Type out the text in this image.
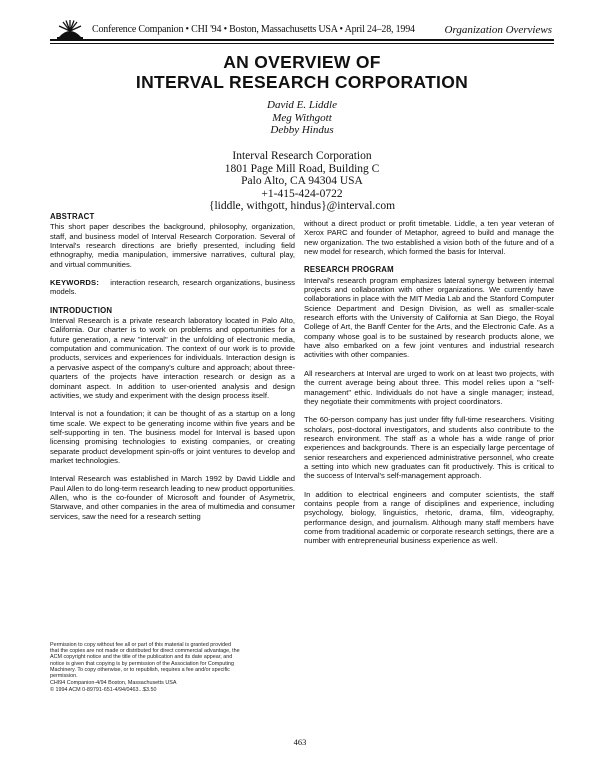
Conference Companion • CHI '94 • Boston, Massachusetts USA • April 24–28, 1994	Organization Overviews
AN OVERVIEW OF
INTERVAL RESEARCH CORPORATION
David E. Liddle
Meg Withgott
Debby Hindus
Interval Research Corporation
1801 Page Mill Road, Building C
Palo Alto, CA 94304 USA
+1-415-424-0722
{liddle, withgott, hindus}@interval.com
ABSTRACT

This short paper describes the background, philosophy, organization, staff, and business model of Interval Research Corporation. Several of Interval's research directions are briefly presented, including field ethnography, media manipulation, immersive narratives, cultural play, and virtual communities.

KEYWORDS: interaction research, research organizations, business models.

INTRODUCTION

Interval Research is a private research laboratory located in Palo Alto, California. Our charter is to work on problems and opportunities for a future generation, a new "interval" in the unfolding of electronic media, computation and communication. The context of our work is to provide products, services and experiences for individuals. Interaction design is a pervasive aspect of the company's culture and approach; about three-quarters of the projects have interaction research or design as a dominant aspect. In addition to user-oriented analysis and design activities, we study and experiment with the design process itself.

Interval is not a foundation; it can be thought of as a startup on a long time scale. We expect to be generating income within five years and be self-supporting in ten. The business model for Interval is based upon licensing promising technologies to existing companies, or creating separate product development spin-offs or joint ventures to develop and market technologies.

Interval Research was established in March 1992 by David Liddle and Paul Allen to do long-term research leading to new product opportunities. Allen, who is the co-founder of Microsoft and founder of Asymetrix, Starwave, and other companies in the area of multimedia and consumer services, saw the need for a research setting

Permission to copy without fee all or part of this material is granted provided that the copies are not made or distributed for direct commercial advantage, the ACM copyright notice and the title of the publication and its date appear, and notice is given that copying is by permission of the Association for Computing Machinery. To copy otherwise, or to republish, requires a fee and/or specific permission.

CHI94 Companion-4/94 Boston, Massachusetts USA

© 1994 ACM 0-89791-651-4/94/0463...$3.50

without a direct product or profit timetable. Liddle, a ten year veteran of Xerox PARC and founder of Metaphor, agreed to build and manage the new organization. The two established a vision both of the future and of a new model for research, which formed the basis for Interval.

RESEARCH PROGRAM

Interval's research program emphasizes lateral synergy between internal projects and collaboration with other organizations. We currently have collaborations in place with the MIT Media Lab and the Stanford Computer Science Department and Design Division, as well as smaller-scale research efforts with the University of California at San Diego, the Royal College of Art, the Banff Center for the Arts, and the Electronic Cafe. As a company whose goal is to be sustained by research products alone, we have also embarked on a few joint ventures and industrial research activities with other companies.

All researchers at Interval are urged to work on at least two projects, with the current average being about three. This model relies upon a "self-management" ethic. Individuals do not have a single manager; instead, they negotiate their commitments with project coordinators.

The 60-person company has just under fifty full-time researchers. Visiting scholars, post-doctoral investigators, and students also contribute to the research environment. The staff as a whole has a wide range of prior experiences and backgrounds. There is an especially large percentage of senior researchers and experienced administrative personnel, who create a setting into which new graduates can fit productively. This is critical to the success of Interval's self-management approach.

In addition to electrical engineers and computer scientists, the staff contains people from a range of disciplines and experience, including psychology, biology, linguistics, rhetoric, drama, film, videography, performance design, and journalism. Although many staff members have come from traditional academic or corporate research settings, there are a number with entrepreneurial business experience as well.

463
